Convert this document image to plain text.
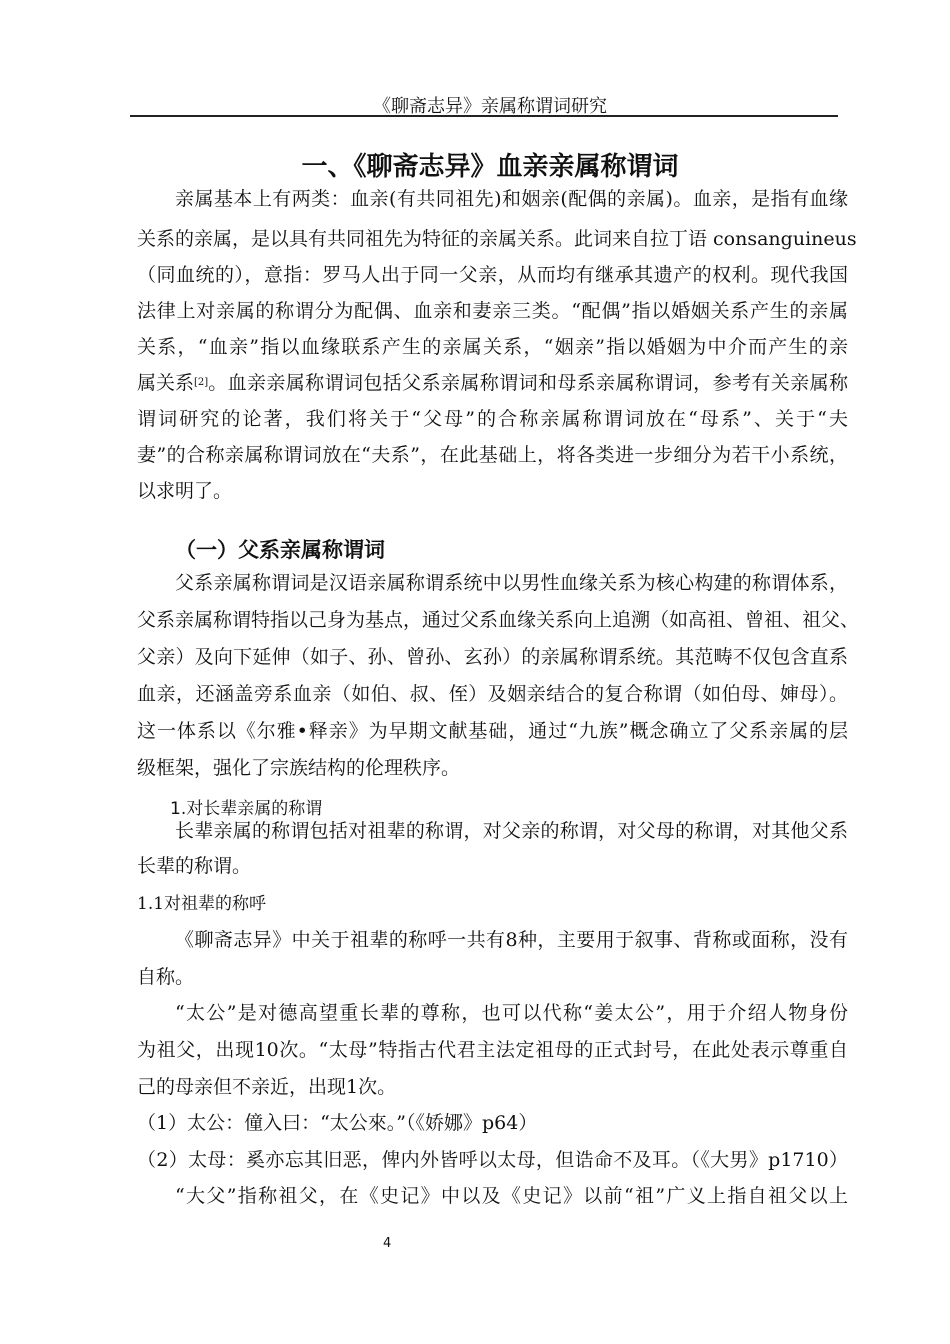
《聊斋志异》亲属称谓词研究
一、《聊斋志异》血亲亲属称谓词
亲属基本上有两类：血亲(有共同祖先)和姻亲(配偶的亲属)。血亲，是指有血缘
关系的亲属，是以具有共同祖先为特征的亲属关系。此词来自拉丁语 consanguineus
（同血统的），意指：罗马人出于同一父亲，从而均有继承其遗产的权利。现代我国
法律上对亲属的称谓分为配偶、血亲和妻亲三类。“配偶”指以婚姻关系产生的亲属
关系，“血亲”指以血缘联系产生的亲属关系，“姻亲”指以婚姻为中介而产生的亲
属关系 [2] 。血亲亲属称谓词包括父系亲属称谓词和母系亲属称谓词，参考有关亲属称
谓词研究的论著，我们将关于“父母”的合称亲属称谓词放在“母系”、关于“夫
妻”的合称亲属称谓词放在“夫系”，在此基础上，将各类进一步细分为若干小系统，
以求明了。
（一）父系亲属称谓词
父系亲属称谓词是汉语亲属称谓系统中以男性血缘关系为核心构建的称谓体系，
父系亲属称谓特指以己身为基点，通过父系血缘关系向上追溯（如高祖、曾祖、祖父、
父亲）及向下延伸（如子、孙、曾孙、玄孙）的亲属称谓系统。其范畴不仅包含直系
血亲，还涵盖旁系血亲（如伯、叔、侄）及姻亲结合的复合称谓（如伯母、婶母）。
这一体系以《尔雅•释亲》为早期文献基础，通过“九族”概念确立了父系亲属的层
级框架，强化了宗族结构的伦理秩序。
1.对长辈亲属的称谓
长辈亲属的称谓包括对祖辈的称谓，对父亲的称谓，对父母的称谓，对其他父系
长辈的称谓。
1.1对祖辈的称呼
《聊斋志异》中关于祖辈的称呼一共有8种，主要用于叙事、背称或面称，没有
自称。
“太公”是对德高望重长辈的尊称，也可以代称“姜太公”，用于介绍人物身份
为祖父，出现10次。“太母”特指古代君主法定祖母的正式封号，在此处表示尊重自
己的母亲但不亲近，出现1次。
（1）太公：僮入曰：“太公來。”（《娇娜》p64）
（2）太母：奚亦忘其旧恶，俾内外皆呼以太母，但诰命不及耳。（《大男》p1710）
“大父”指称祖父，在《史记》中以及《史记》以前“祖”广义上指自祖父以上
4
